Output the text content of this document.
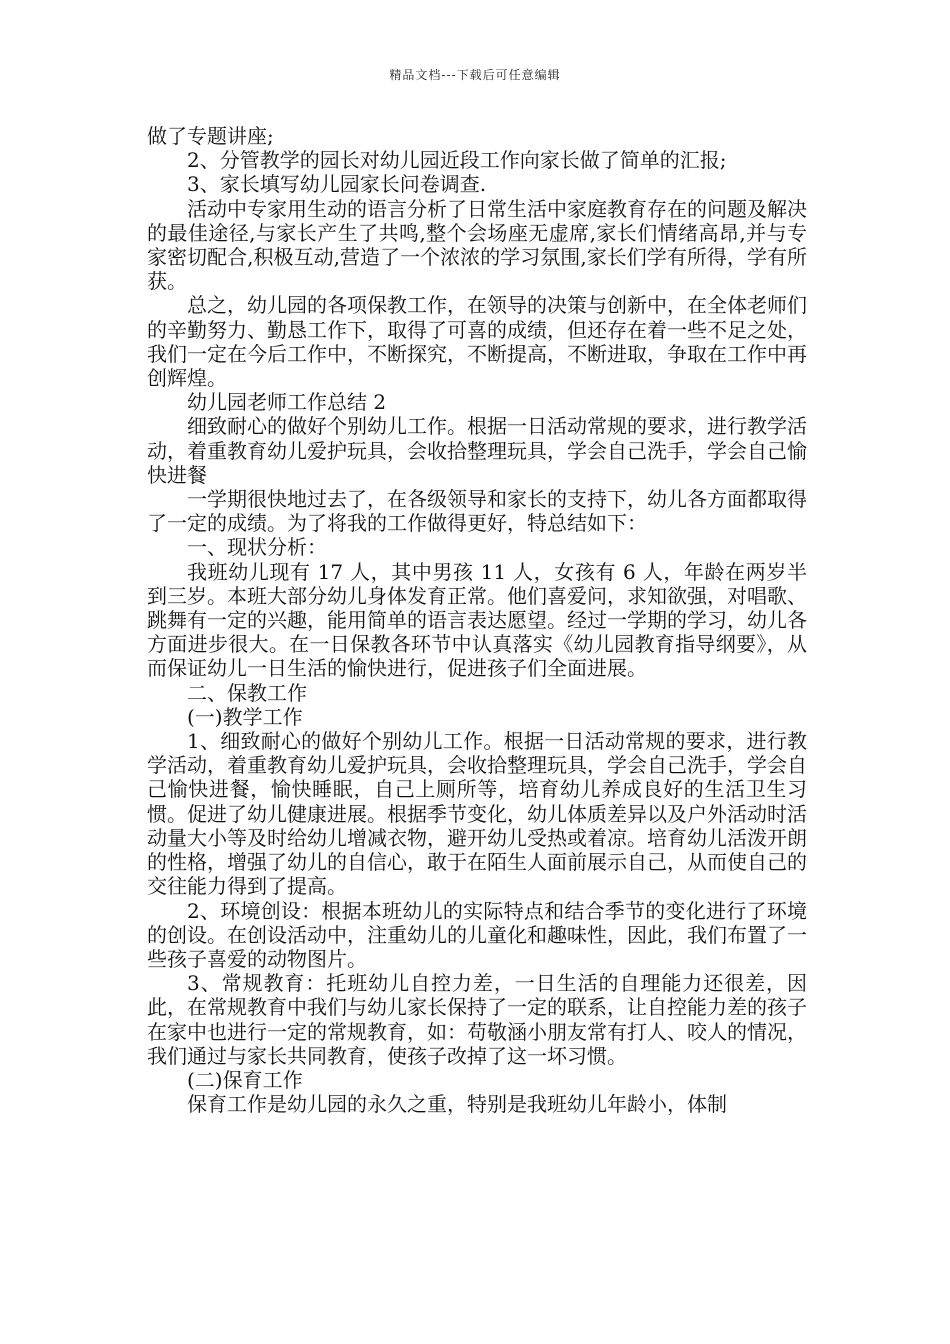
精品文档---下载后可任意编辑

做了专题讲座;

2、分管教学的园长对幼儿园近段工作向家长做了简单的汇报;

3、家长填写幼儿园家长问卷调查.

活动中专家用生动的语言分析了日常生活中家庭教育存在的问题及解决的最佳途径,与家长产生了共鸣,整个会场座无虚席,家长们情绪高昂,并与专家密切配合,积极互动,营造了一个浓浓的学习氛围,家长们学有所得，学有所获。

总之，幼儿园的各项保教工作，在领导的决策与创新中，在全体老师们的辛勤努力、勤恳工作下，取得了可喜的成绩，但还存在着一些不足之处，我们一定在今后工作中，不断探究，不断提高，不断进取，争取在工作中再创辉煌。

幼儿园老师工作总结 2

细致耐心的做好个别幼儿工作。根据一日活动常规的要求，进行教学活动，着重教育幼儿爱护玩具，会收拾整理玩具，学会自己洗手，学会自己愉快进餐

一学期很快地过去了，在各级领导和家长的支持下，幼儿各方面都取得了一定的成绩。为了将我的工作做得更好，特总结如下：

一、现状分析：

我班幼儿现有 17 人，其中男孩 11 人，女孩有 6 人，年龄在两岁半到三岁。本班大部分幼儿身体发育正常。他们喜爱问，求知欲强，对唱歌、跳舞有一定的兴趣，能用简单的语言表达愿望。经过一学期的学习，幼儿各方面进步很大。在一日保教各环节中认真落实《幼儿园教育指导纲要》，从而保证幼儿一日生活的愉快进行，促进孩子们全面进展。

二、保教工作

(一)教学工作

1、细致耐心的做好个别幼儿工作。根据一日活动常规的要求，进行教学活动，着重教育幼儿爱护玩具，会收拾整理玩具，学会自己洗手，学会自己愉快进餐，愉快睡眠，自己上厕所等，培育幼儿养成良好的生活卫生习惯。促进了幼儿健康进展。根据季节变化，幼儿体质差异以及户外活动时活动量大小等及时给幼儿增减衣物，避开幼儿受热或着凉。培育幼儿活泼开朗的性格，增强了幼儿的自信心，敢于在陌生人面前展示自己，从而使自己的交往能力得到了提高。

2、环境创设：根据本班幼儿的实际特点和结合季节的变化进行了环境的创设。在创设活动中，注重幼儿的儿童化和趣味性，因此，我们布置了一些孩子喜爱的动物图片。

3、常规教育：托班幼儿自控力差，一日生活的自理能力还很差，因此，在常规教育中我们与幼儿家长保持了一定的联系，让自控能力差的孩子在家中也进行一定的常规教育，如：苟敬涵小朋友常有打人、咬人的情况，我们通过与家长共同教育，使孩子改掉了这一坏习惯。

(二)保育工作

保育工作是幼儿园的永久之重，特别是我班幼儿年龄小，体制
